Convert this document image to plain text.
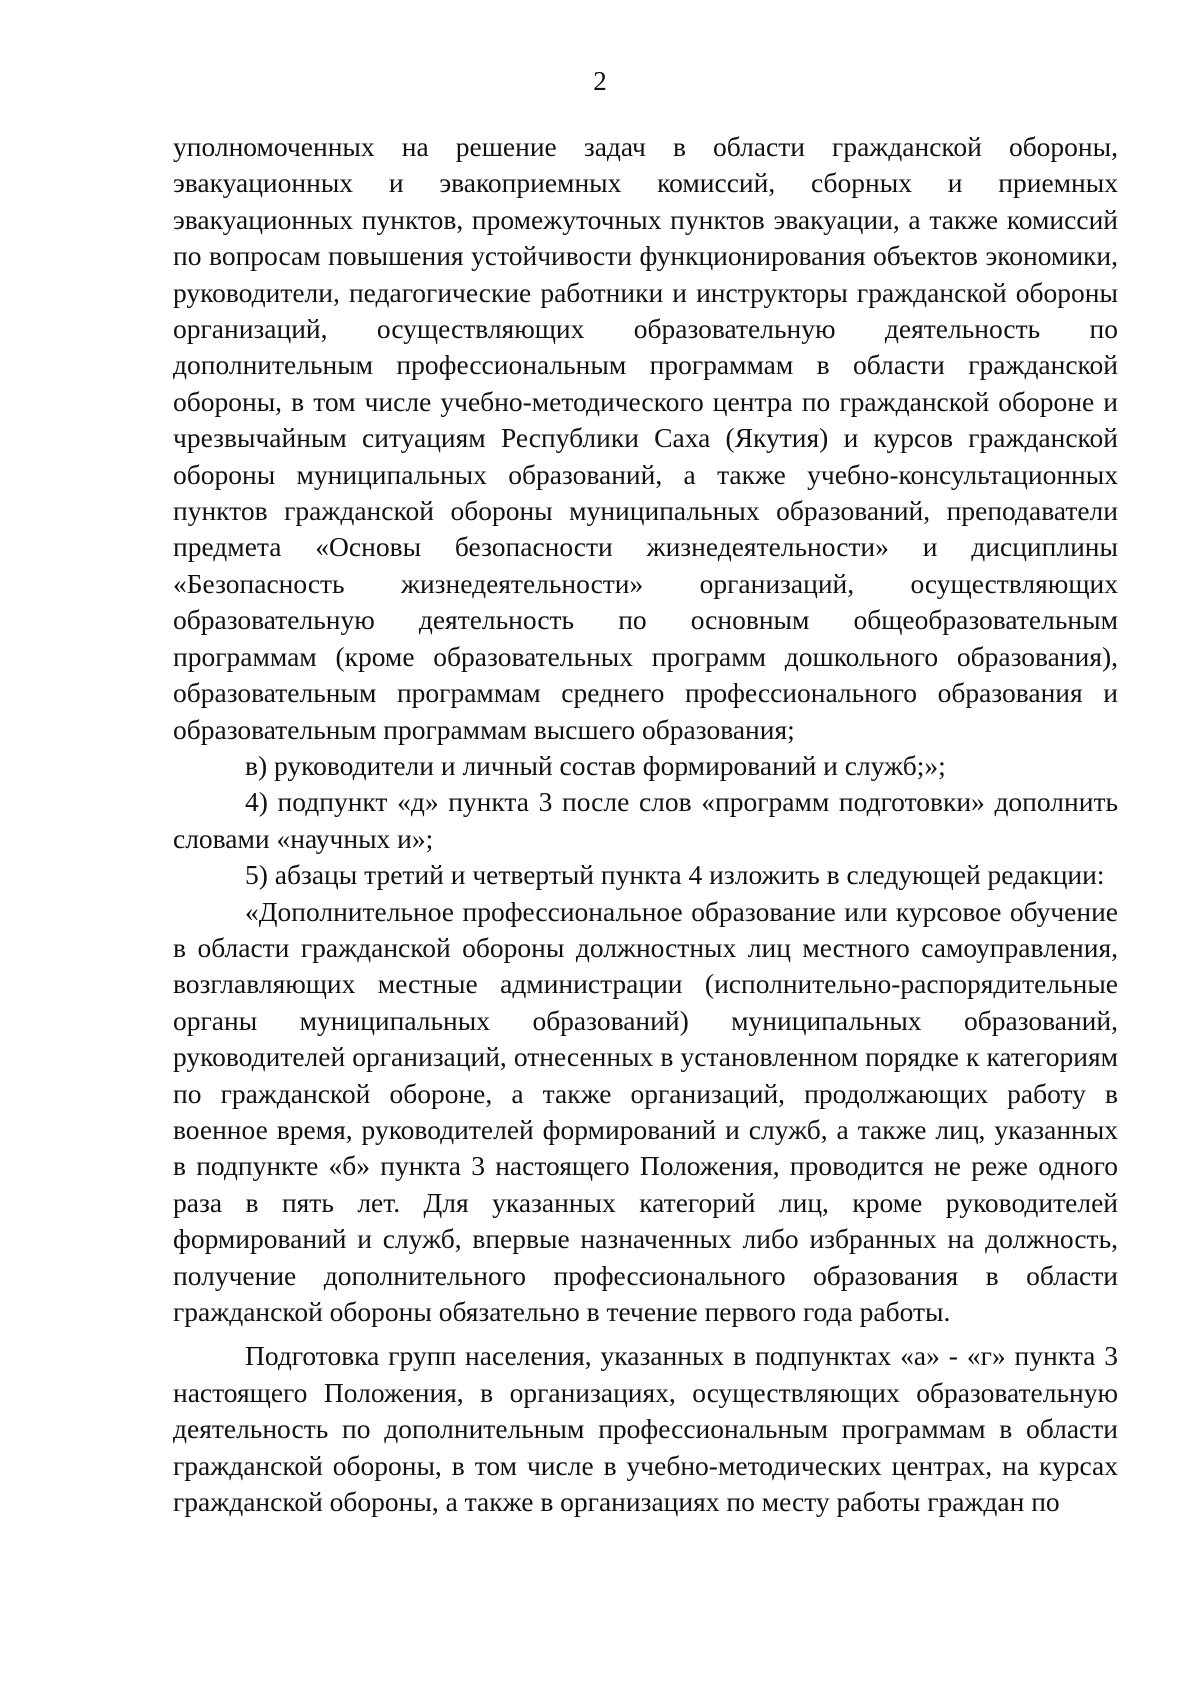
2

уполномоченных на решение задач в области гражданской обороны, эвакуационных и эвакоприемных комиссий, сборных и приемных эвакуационных пунктов, промежуточных пунктов эвакуации, а также комиссий по вопросам повышения устойчивости функционирования объектов экономики, руководители, педагогические работники и инструкторы гражданской обороны организаций, осуществляющих образовательную деятельность по дополнительным профессиональным программам в области гражданской обороны, в том числе учебно-методического центра по гражданской обороне и чрезвычайным ситуациям Республики Саха (Якутия) и курсов гражданской обороны муниципальных образований, а также учебно-консультационных пунктов гражданской обороны муниципальных образований, преподаватели предмета «Основы безопасности жизнедеятельности» и дисциплины «Безопасность жизнедеятельности» организаций, осуществляющих образовательную деятельность по основным общеобразовательным программам (кроме образовательных программ дошкольного образования), образовательным программам среднего профессионального образования и образовательным программам высшего образования;

в) руководители и личный состав формирований и служб;»;

4) подпункт «д» пункта 3 после слов «программ подготовки» дополнить словами «научных и»;

5) абзацы третий и четвертый пункта 4 изложить в следующей редакции:

«Дополнительное профессиональное образование или курсовое обучение в области гражданской обороны должностных лиц местного самоуправления, возглавляющих местные администрации (исполнительно-распорядительные органы муниципальных образований) муниципальных образований, руководителей организаций, отнесенных в установленном порядке к категориям по гражданской обороне, а также организаций, продолжающих работу в военное время, руководителей формирований и служб, а также лиц, указанных в подпункте «б» пункта 3 настоящего Положения, проводится не реже одного раза в пять лет. Для указанных категорий лиц, кроме руководителей формирований и служб, впервые назначенных либо избранных на должность, получение дополнительного профессионального образования в области гражданской обороны обязательно в течение первого года работы.

Подготовка групп населения, указанных в подпунктах «а» - «г» пункта 3 настоящего Положения, в организациях, осуществляющих образовательную деятельность по дополнительным профессиональным программам в области гражданской обороны, в том числе в учебно-методических центрах, на курсах гражданской обороны, а также в организациях по месту работы граждан по
